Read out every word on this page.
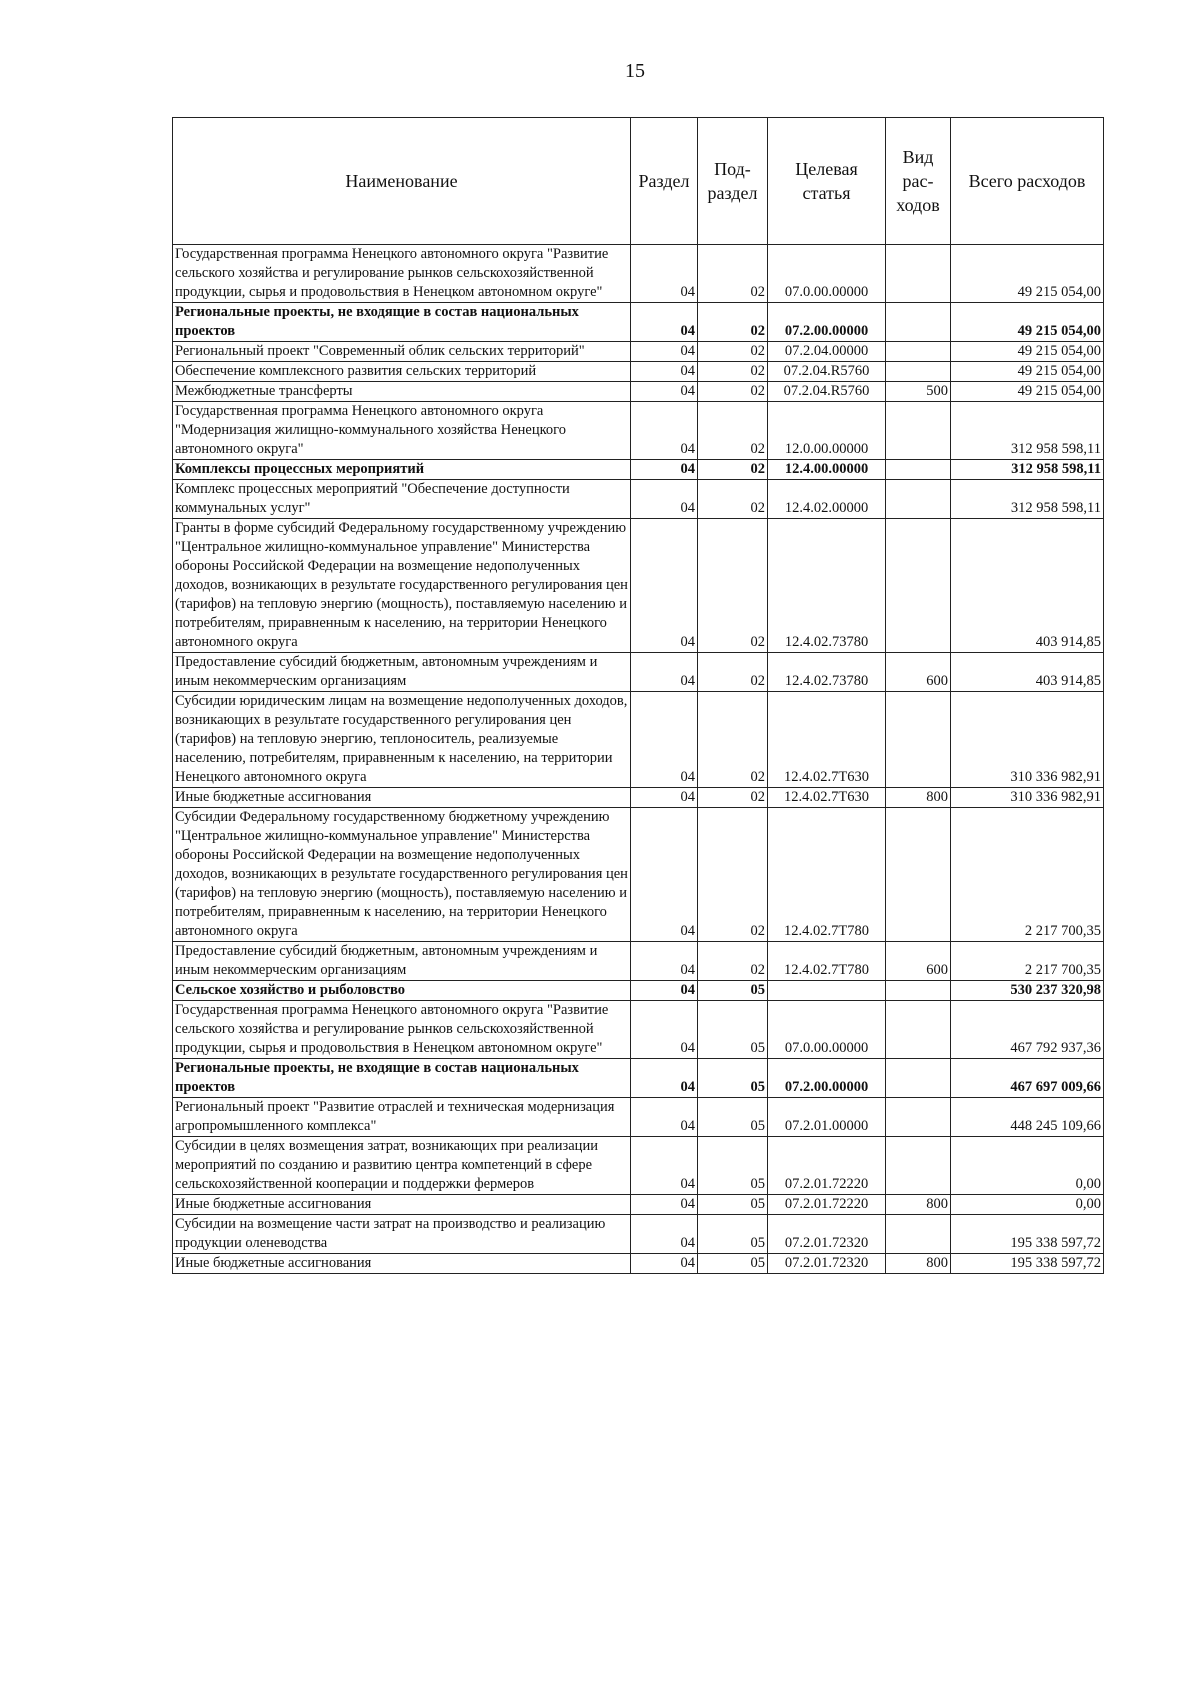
15
Наименование	Раздел	Под-раздел	Целевая статья	Вид рас-ходов	Всего расходов
Государственная программа Ненецкого автономного округа "Развитие сельского хозяйства и регулирование рынков сельскохозяйственной продукции, сырья и продовольствия в Ненецком автономном округе"	04	02	07.0.00.00000		49 215 054,00
Региональные проекты, не входящие в состав национальных проектов	04	02	07.2.00.00000		49 215 054,00
Региональный проект "Современный облик сельских территорий"	04	02	07.2.04.00000		49 215 054,00
Обеспечение комплексного развития сельских территорий	04	02	07.2.04.R5760		49 215 054,00
Межбюджетные трансферты	04	02	07.2.04.R5760	500	49 215 054,00
Государственная программа Ненецкого автономного округа "Модернизация жилищно-коммунального хозяйства Ненецкого автономного округа"	04	02	12.0.00.00000		312 958 598,11
Комплексы процессных мероприятий	04	02	12.4.00.00000		312 958 598,11
Комплекс процессных мероприятий "Обеспечение доступности коммунальных услуг"	04	02	12.4.02.00000		312 958 598,11
Гранты в форме субсидий Федеральному государственному учреждению "Центральное жилищно-коммунальное управление" Министерства обороны Российской Федерации на возмещение недополученных доходов, возникающих в результате государственного регулирования цен (тарифов) на тепловую энергию (мощность), поставляемую населению и потребителям, приравненным к населению, на территории Ненецкого автономного округа	04	02	12.4.02.73780		403 914,85
Предоставление субсидий бюджетным, автономным учреждениям и иным некоммерческим организациям	04	02	12.4.02.73780	600	403 914,85
Субсидии юридическим лицам на возмещение недополученных доходов, возникающих в результате государственного регулирования цен (тарифов) на тепловую энергию, теплоноситель, реализуемые населению, потребителям, приравненным к населению, на территории Ненецкого автономного округа	04	02	12.4.02.7Т630		310 336 982,91
Иные бюджетные ассигнования	04	02	12.4.02.7Т630	800	310 336 982,91
Субсидии Федеральному государственному бюджетному учреждению "Центральное жилищно-коммунальное управление" Министерства обороны Российской Федерации на возмещение недополученных доходов, возникающих в результате государственного регулирования цен (тарифов) на тепловую энергию (мощность), поставляемую населению и потребителям, приравненным к населению, на территории Ненецкого автономного округа	04	02	12.4.02.7Т780		2 217 700,35
Предоставление субсидий бюджетным, автономным учреждениям и иным некоммерческим организациям	04	02	12.4.02.7Т780	600	2 217 700,35
Сельское хозяйство и рыболовство	04	05			530 237 320,98
Государственная программа Ненецкого автономного округа "Развитие сельского хозяйства и регулирование рынков сельскохозяйственной продукции, сырья и продовольствия в Ненецком автономном округе"	04	05	07.0.00.00000		467 792 937,36
Региональные проекты, не входящие в состав национальных проектов	04	05	07.2.00.00000		467 697 009,66
Региональный проект "Развитие отраслей и техническая модернизация агропромышленного комплекса"	04	05	07.2.01.00000		448 245 109,66
Субсидии в целях возмещения затрат, возникающих при реализации мероприятий по созданию и развитию центра компетенций в сфере сельскохозяйственной кооперации и поддержки фермеров	04	05	07.2.01.72220		0,00
Иные бюджетные ассигнования	04	05	07.2.01.72220	800	0,00
Субсидии на возмещение части затрат на производство и реализацию продукции оленеводства	04	05	07.2.01.72320		195 338 597,72
Иные бюджетные ассигнования	04	05	07.2.01.72320	800	195 338 597,72
